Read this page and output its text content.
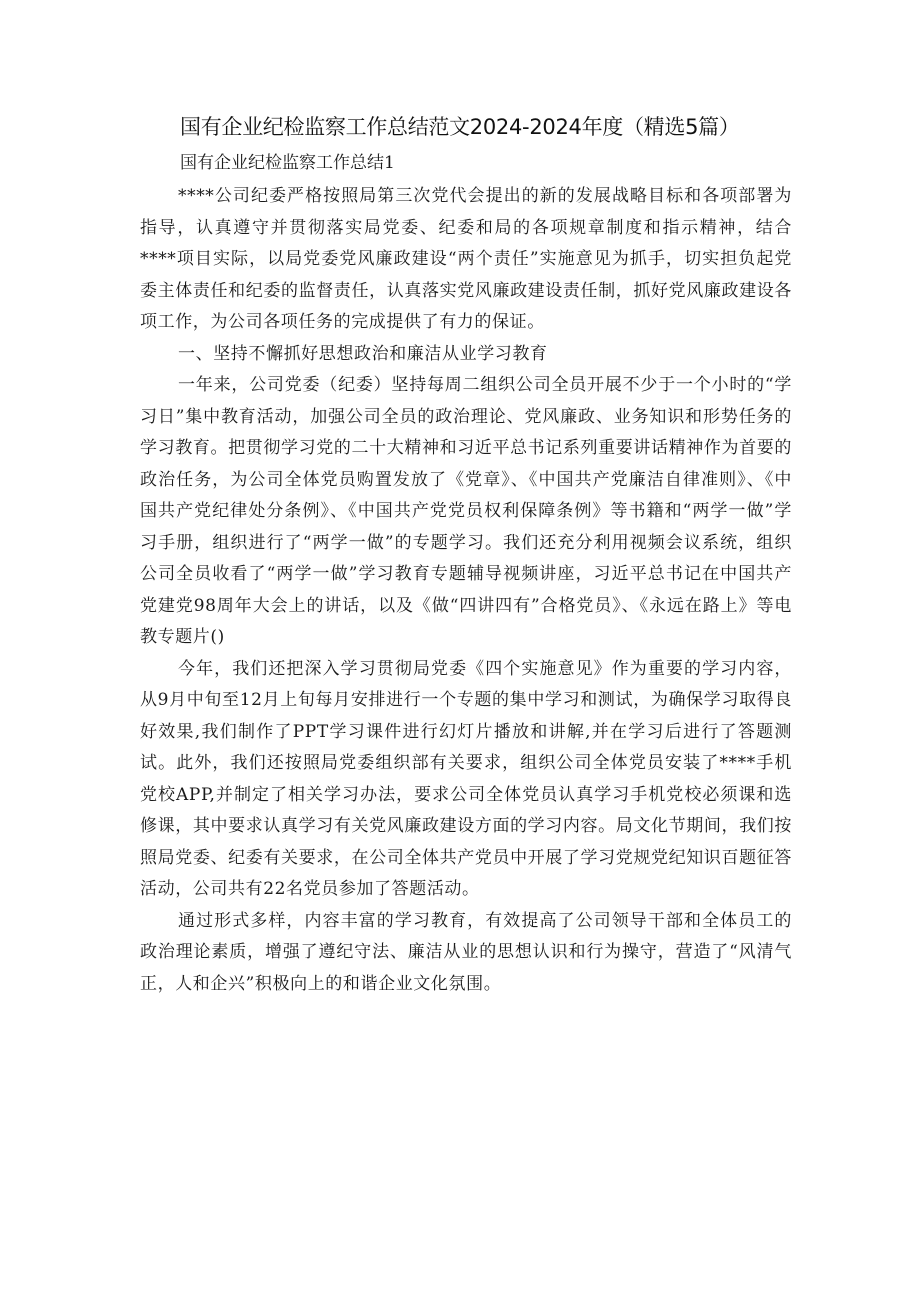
国有企业纪检监察工作总结范文2024-2024年度（精选5篇）
国有企业纪检监察工作总结1

****公司纪委严格按照局第三次党代会提出的新的发展战略目标和各项部署为指导，认真遵守并贯彻落实局党委、纪委和局的各项规章制度和指示精神，结合****项目实际，以局党委党风廉政建设“两个责任”实施意见为抓手，切实担负起党委主体责任和纪委的监督责任，认真落实党风廉政建设责任制，抓好党风廉政建设各项工作，为公司各项任务的完成提供了有力的保证。

一、坚持不懈抓好思想政治和廉洁从业学习教育

一年来，公司党委（纪委）坚持每周二组织公司全员开展不少于一个小时的“学习日”集中教育活动，加强公司全员的政治理论、党风廉政、业务知识和形势任务的学习教育。把贯彻学习党的二十大精神和习近平总书记系列重要讲话精神作为首要的政治任务，为公司全体党员购置发放了《党章》、《中国共产党廉洁自律准则》、《中国共产党纪律处分条例》、《中国共产党党员权利保障条例》等书籍和“两学一做”学习手册，组织进行了“两学一做”的专题学习。我们还充分利用视频会议系统，组织公司全员收看了“两学一做”学习教育专题辅导视频讲座，习近平总书记在中国共产党建党98周年大会上的讲话，以及《做“四讲四有”合格党员》、《永远在路上》等电教专题片()

今年，我们还把深入学习贯彻局党委《四个实施意见》作为重要的学习内容，从9月中旬至12月上旬每月安排进行一个专题的集中学习和测试，为确保学习取得良好效果,我们制作了PPT学习课件进行幻灯片播放和讲解,并在学习后进行了答题测试。此外，我们还按照局党委组织部有关要求，组织公司全体党员安装了****手机党校APP,并制定了相关学习办法，要求公司全体党员认真学习手机党校必须课和选修课，其中要求认真学习有关党风廉政建设方面的学习内容。局文化节期间，我们按照局党委、纪委有关要求，在公司全体共产党员中开展了学习党规党纪知识百题征答活动，公司共有22名党员参加了答题活动。

通过形式多样，内容丰富的学习教育，有效提高了公司领导干部和全体员工的政治理论素质，增强了遵纪守法、廉洁从业的思想认识和行为操守，营造了“风清气正，人和企兴”积极向上的和谐企业文化氛围。
